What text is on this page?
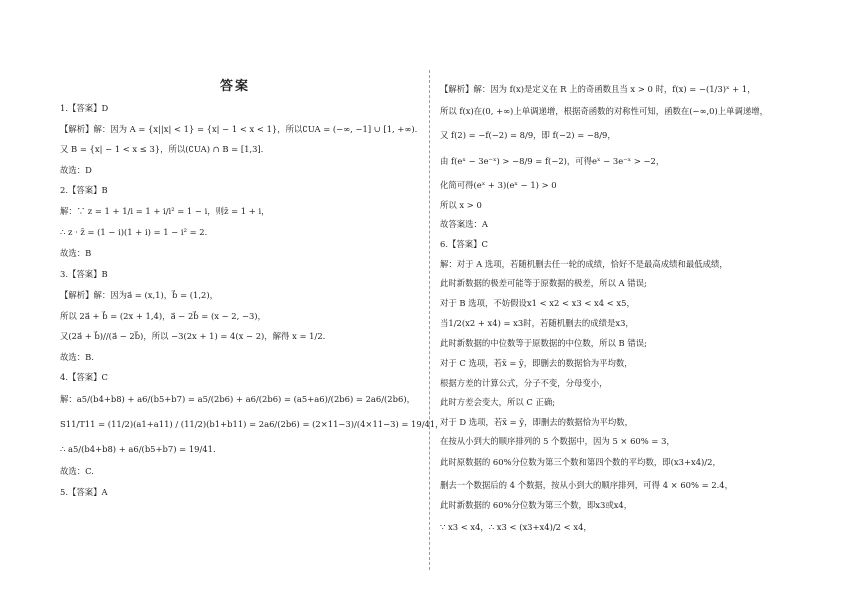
答案
1.【答案】D
【解析】解：因为 A = {x||x| < 1} = {x| − 1 < x < 1}，所以∁UA = (−∞, −1] ∪ [1, +∞).
又 B = {x| − 1 < x ≤ 3}，所以(∁UA) ∩ B = [1,3].
故选：D
2.【答案】B
解：∵ z = 1 + 1/i = 1 + i/i² = 1 − i，则z̄ = 1 + i，
∴ z · z̄ = (1 − i)(1 + i) = 1 − i² = 2.
故选：B
3.【答案】B
【解析】解：因为a⃗ = (x,1)，b⃗ = (1,2)，
所以 2a⃗ + b⃗ = (2x + 1,4)，a⃗ − 2b⃗ = (x − 2, −3)，
又(2a⃗ + b⃗)//(a⃗ − 2b⃗)，所以 −3(2x + 1) = 4(x − 2)，解得 x = 1/2.
故选：B.
4.【答案】C
解：a5/(b4+b8) + a6/(b5+b7) = a5/(2b6) + a6/(2b6) = (a5+a6)/(2b6) = 2a6/(2b6)，
S11/T11 = (11/2)(a1+a11) / (11/2)(b1+b11) = 2a6/(2b6) = (2×11−3)/(4×11−3) = 19/41，
∴ a5/(b4+b8) + a6/(b5+b7) = 19/41.
故选：C.
5.【答案】A
【解析】解：因为 f(x)是定义在 R 上的奇函数且当 x > 0 时，f(x) = −(1/3)ˣ + 1，
所以 f(x)在(0, +∞)上单调递增，根据奇函数的对称性可知，函数在(−∞,0)上单调递增，
又 f(2) = −f(−2) = 8/9，即 f(−2) = −8/9，
由 f(eˣ − 3e⁻ˣ) > −8/9 = f(−2)，可得eˣ − 3e⁻ˣ > −2，
化简可得(eˣ + 3)(eˣ − 1) > 0
所以 x > 0
故答案选：A
6.【答案】C
解：对于 A 选项，若随机删去任一轮的成绩，恰好不是最高成绩和最低成绩，
此时新数据的极差可能等于原数据的极差，所以 A 错误;
对于 B 选项，不妨假设x1 < x2 < x3 < x4 < x5，
当1/2(x2 + x4) = x3时，若随机删去的成绩是x3，
此时新数据的中位数等于原数据的中位数，所以 B 错误;
对于 C 选项，若x̄ = ȳ，即删去的数据恰为平均数，
根据方差的计算公式，分子不变，分母变小，
此时方差会变大，所以 C 正确;
对于 D 选项，若x̄ = ȳ，即删去的数据恰为平均数，
在按从小到大的顺序排列的 5 个数据中，因为 5 × 60% = 3，
此时原数据的 60%分位数为第三个数和第四个数的平均数，即(x3+x4)/2，
删去一个数据后的 4 个数据，按从小到大的顺序排列，可得 4 × 60% = 2.4，
此时新数据的 60%分位数为第三个数，即x3或x4，
∵ x3 < x4，∴ x3 < (x3+x4)/2 < x4，
